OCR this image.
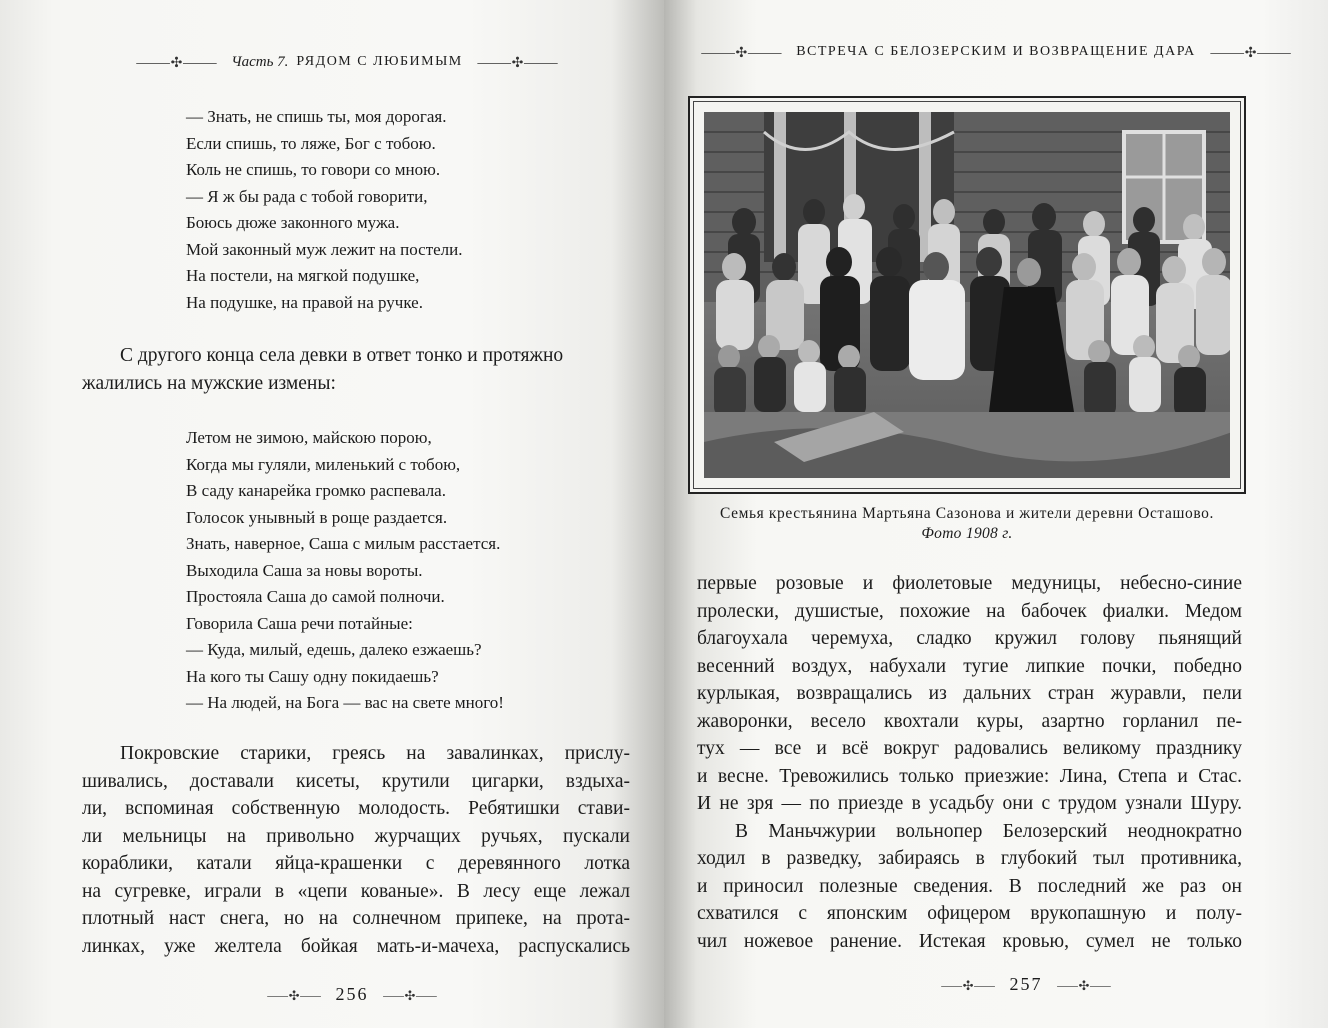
⸻✣⸻ Часть 7. РЯДОМ С ЛЮБИМЫМ ⸻✣⸻
— Знать, не спишь ты, моя дорогая.
Если спишь, то ляже, Бог с тобою.
Коль не спишь, то говори со мною.
— Я ж бы рада с тобой говорити,
Боюсь дюже законного мужа.
Мой законный муж лежит на постели.
На постели, на мягкой подушке,
На подушке, на правой на ручке.
С другого конца села девки в ответ тонко и протяжно
жалились на мужские измены:
Летом не зимою, майскою порою,
Когда мы гуляли, миленький с тобою,
В саду канарейка громко распевала.
Голосок унывный в роще раздается.
Знать, наверное, Саша с милым расстается.
Выходила Саша за новы вороты.
Простояла Саша до самой полночи.
Говорила Саша речи потайные:
— Куда, милый, едешь, далеко езжаешь?
На кого ты Сашу одну покидаешь?
— На людей, на Бога — вас на свете много!
Покровские старики, греясь на завалинках, прислу-
шивались, доставали кисеты, крутили цигарки, вздыха-
ли, вспоминая собственную молодость. Ребятишки стави-
ли мельницы на привольно журчащих ручьях, пускали
кораблики, катали яйца-крашенки с деревянного лотка
на сугревке, играли в «цепи кованые». В лесу еще лежал
плотный наст снега, но на солнечном припеке, на прота-
линках, уже желтела бойкая мать-и-мачеха, распускались
⸺✣⸺ 256 ⸺✣⸺
⸻✣⸻ ВСТРЕЧА С БЕЛОЗЕРСКИМ И ВОЗВРАЩЕНИЕ ДАРА ⸻✣⸻
Семья крестьянина Мартьяна Сазонова и жители деревни Осташово.
Фото 1908 г.
первые розовые и фиолетовые медуницы, небесно-синие
пролески, душистые, похожие на бабочек фиалки. Медом
благоухала черемуха, сладко кружил голову пьянящий
весенний воздух, набухали тугие липкие почки, победно
курлыкая, возвращались из дальних стран журавли, пели
жаворонки, весело квохтали куры, азартно горланил пе-
тух — все и всё вокруг радовались великому празднику
и весне. Тревожились только приезжие: Лина, Степа и Стас.
И не зря — по приезде в усадьбу они с трудом узнали Шуру.
В Маньчжурии вольнопер Белозерский неоднократно
ходил в разведку, забираясь в глубокий тыл противника,
и приносил полезные сведения. В последний же раз он
схватился с японским офицером врукопашную и полу-
чил ножевое ранение. Истекая кровью, сумел не только
⸺✣⸺ 257 ⸺✣⸺
